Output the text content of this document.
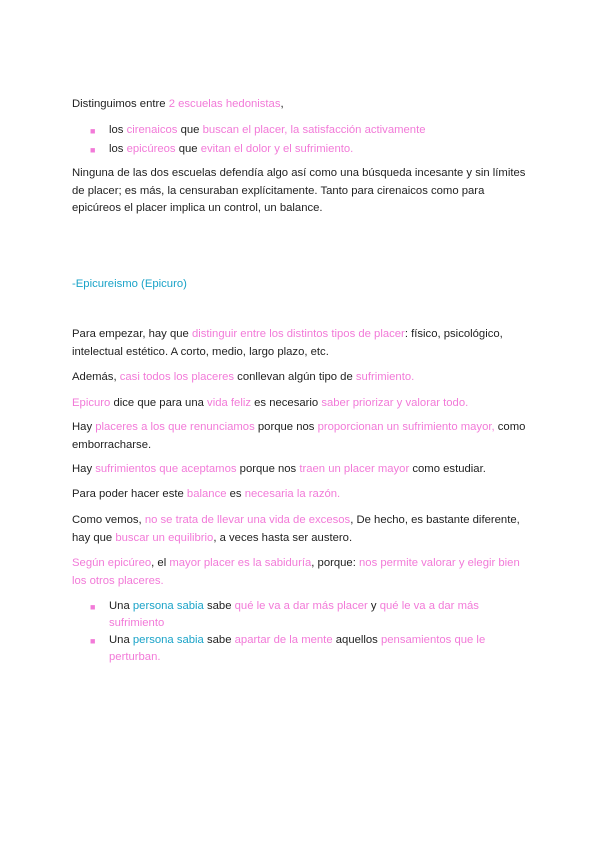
Distinguimos entre 2 escuelas hedonistas,

■ los cirenaicos que buscan el placer, la satisfacción activamente

■ los epicúreos que evitan el dolor y el sufrimiento.

Ninguna de las dos escuelas defendía algo así como una búsqueda incesante y sin límites de placer; es más, la censuraban explícitamente. Tanto para cirenaicos como para epicúreos el placer implica un control, un balance.

-Epicureismo (Epicuro)

Para empezar, hay que distinguir entre los distintos tipos de placer: físico, psicológico, intelectual estético. A corto, medio, largo plazo, etc.

Además, casi todos los placeres conllevan algún tipo de sufrimiento.

Epicuro dice que para una vida feliz es necesario saber priorizar y valorar todo.

Hay placeres a los que renunciamos porque nos proporcionan un sufrimiento mayor, como emborracharse.

Hay sufrimientos que aceptamos porque nos traen un placer mayor como estudiar.

Para poder hacer este balance es necesaria la razón.

Como vemos, no se trata de llevar una vida de excesos, De hecho, es bastante diferente, hay que buscar un equilibrio, a veces hasta ser austero.

Según epicúreo, el mayor placer es la sabiduría, porque: nos permite valorar y elegir bien los otros placeres.

■ Una persona sabia sabe qué le va a dar más placer y qué le va a dar más sufrimiento

■ Una persona sabia sabe apartar de la mente aquellos pensamientos que le perturban.
